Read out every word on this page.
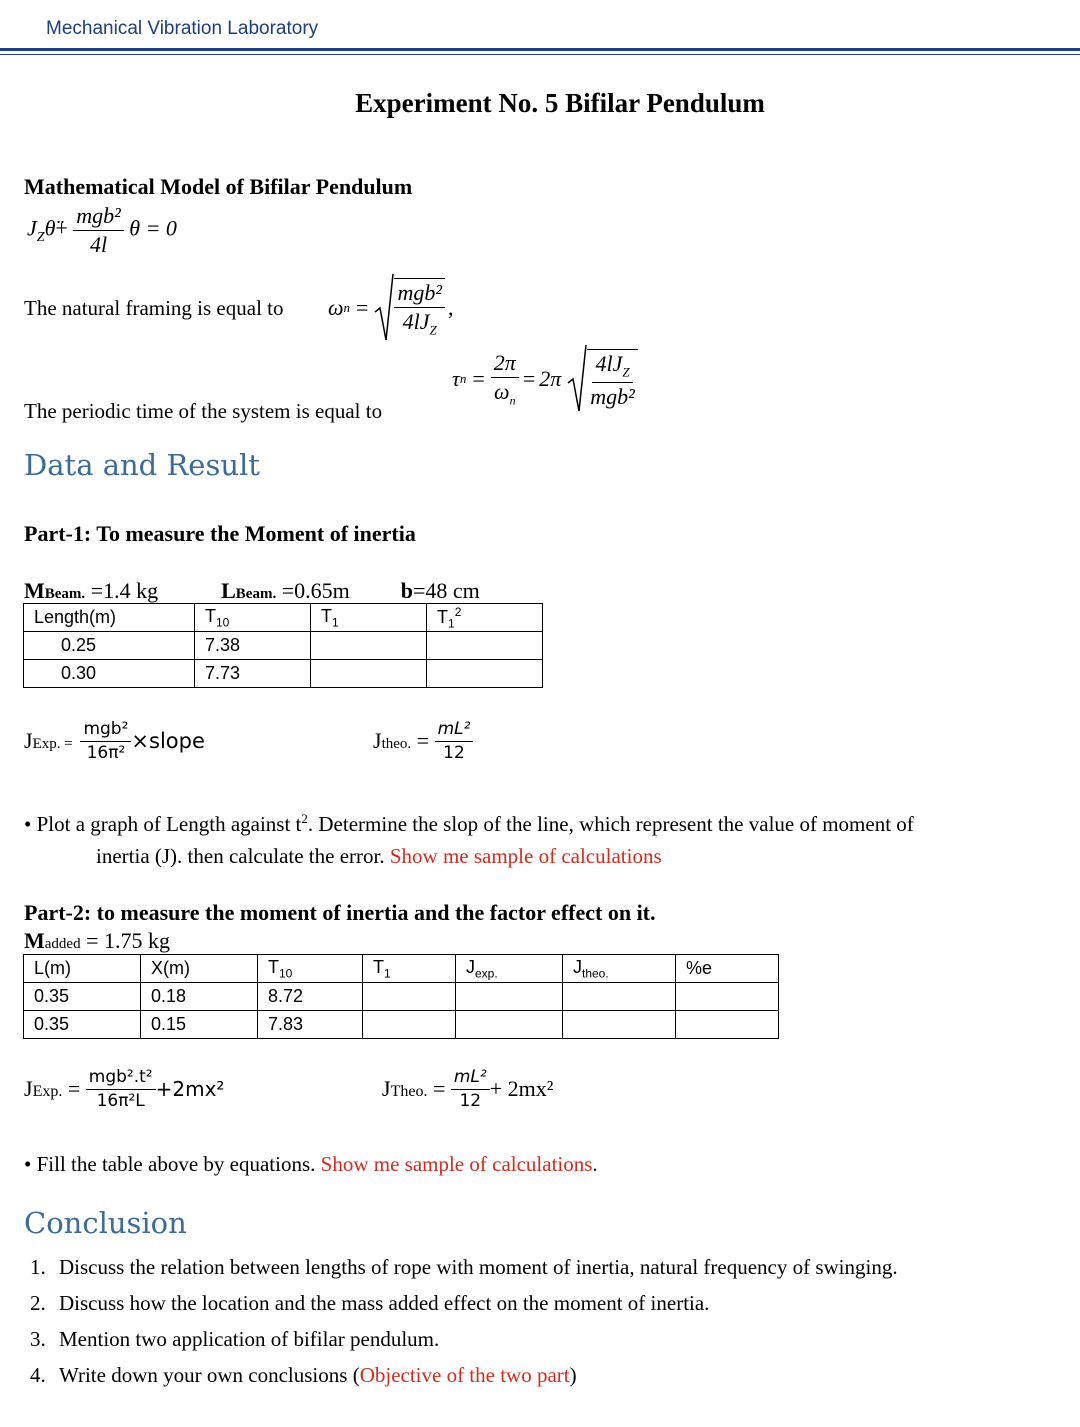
Mechanical Vibration Laboratory
Experiment No. 5 Bifilar Pendulum
Mathematical Model of Bifilar Pendulum
$J_Z\thetä+ \frac{\text{mgb²}}{4l}$ θ = 0
The natural framing is equal to ω $n = \frac{\text{mgb²}}{4lJ_Z}$ ,
τ $n = \frac{2\pi}{\omega_n} = 2\pi \frac{4lJ_Z}{\text{mgb²}}$
The periodic time of the system is equal to
Data and Result
Part-1: To measure the Moment of inertia
MBeam. =1.4 kg	LBeam. =0.65m b=48 cm
Length(m)	$T_{10}$	$T_1$	$T_1^2$
0.25	7.38		
0.30	7.73		
J Exp. = $\frac{\text{mgb²}}{\text{16π²}}$ ×slope	J theo. = $\frac{\text{mL²}}{12}$
• Plot a graph of Length against $t^2$. Determine the slop of the line, which represent the value of moment of
inertia (J). then calculate the error. Show me sample of calculations
Part-2: to measure the moment of inertia and the factor effect on it.
Madded = 1.75 kg
L(m)	X(m)	$T_{10}$	$T_1$	$J_{exp.}$	$J_{theo.}$	%e
0.35	0.18	8.72				
0.35	0.15	7.83				
J Exp. = $\frac{\text{mgb².t²}}{\text{16π²L}} +2mx^2$	J Theo. = $\frac{\text{mL²}}{12} + 2mx^2$
• Fill the table above by equations. Show me sample of calculations.
Conclusion
1. Discuss the relation between lengths of rope with moment of inertia, natural frequency of swinging.
2. Discuss how the location and the mass added effect on the moment of inertia.
3. Mention two application of bifilar pendulum.
4. Write down your own conclusions (Objective of the two part)
